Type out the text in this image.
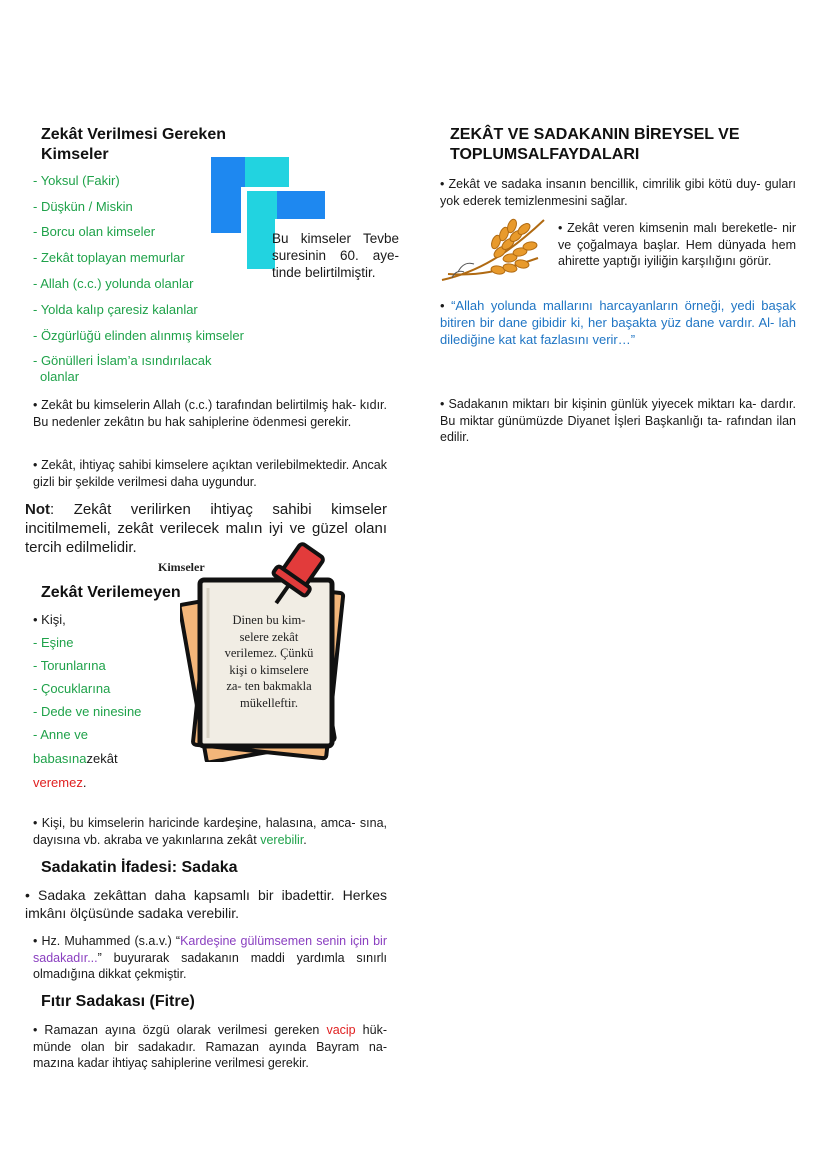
Zekât Verilmesi Gereken Kimseler
- Yoksul (Fakir)
- Düşkün / Miskin
- Borcu olan kimseler
- Zekât toplayan memurlar
- Allah (c.c.) yolunda olanlar
- Yolda kalıp çaresiz kalanlar
- Özgürlüğü elinden alınmış kimseler
- Gönülleri İslam’a ısındırılacak
olanlar
Bu kimseler Tevbe suresinin 60. aye- tinde belirtilmiştir.
• Zekât bu kimselerin Allah (c.c.) tarafından belirtilmiş hak- kıdır. Bu nedenler zekâtın bu hak sahiplerine ödenmesi gerekir.
• Zekât, ihtiyaç sahibi kimselere açıktan verilebilmektedir. Ancak gizli bir şekilde verilmesi daha uygundur.
Not: Zekât verilirken ihtiyaç sahibi kimseler incitilmemeli, zekât verilecek malın iyi ve güzel olanı tercih edilmelidir.
Kimseler
Zekât Verilemeyen
• Kişi,
- Eşine
- Torunlarına
- Çocuklarına
- Dede ve ninesine
- Anne ve
babasınazekât
veremez.
Dinen bu kim- selere zekât verilemez. Çünkü kişi o kimselere za- ten bakmakla mükelleftir.
• Kişi, bu kimselerin haricinde kardeşine, halasına, amca- sına, dayısına vb. akraba ve yakınlarına zekât verebilir.
Sadakatin İfadesi: Sadaka
• Sadaka zekâttan daha kapsamlı bir ibadettir. Herkes imkânı ölçüsünde sadaka verebilir.
• Hz. Muhammed (s.a.v.) “Kardeşine gülümsemen senin için bir sadakadır...” buyurarak sadakanın maddi yardımla sınırlı olmadığına dikkat çekmiştir.
Fıtır Sadakası (Fitre)
• Ramazan ayına özgü olarak verilmesi gereken vacip hük- münde olan bir sadakadır. Ramazan ayında Bayram na- mazına kadar ihtiyaç sahiplerine verilmesi gerekir.
ZEKÂT VE SADAKANIN BİREYSEL VE TOPLUMSALFAYDALARI
• Zekât ve sadaka insanın bencillik, cimrilik gibi kötü duy- guları yok ederek temizlenmesini sağlar.
• Zekât veren kimsenin malı bereketle- nir ve çoğalmaya başlar. Hem dünyada hem ahirette yaptığı iyiliğin karşılığını görür.
• “Allah yolunda mallarını harcayanların örneği, yedi başak bitiren bir dane gibidir ki, her başakta yüz dane vardır. Al- lah dilediğine kat kat fazlasını verir…”
• Sadakanın miktarı bir kişinin günlük yiyecek miktarı ka- dardır. Bu miktar günümüzde Diyanet İşleri Başkanlığı ta- rafından ilan edilir.
